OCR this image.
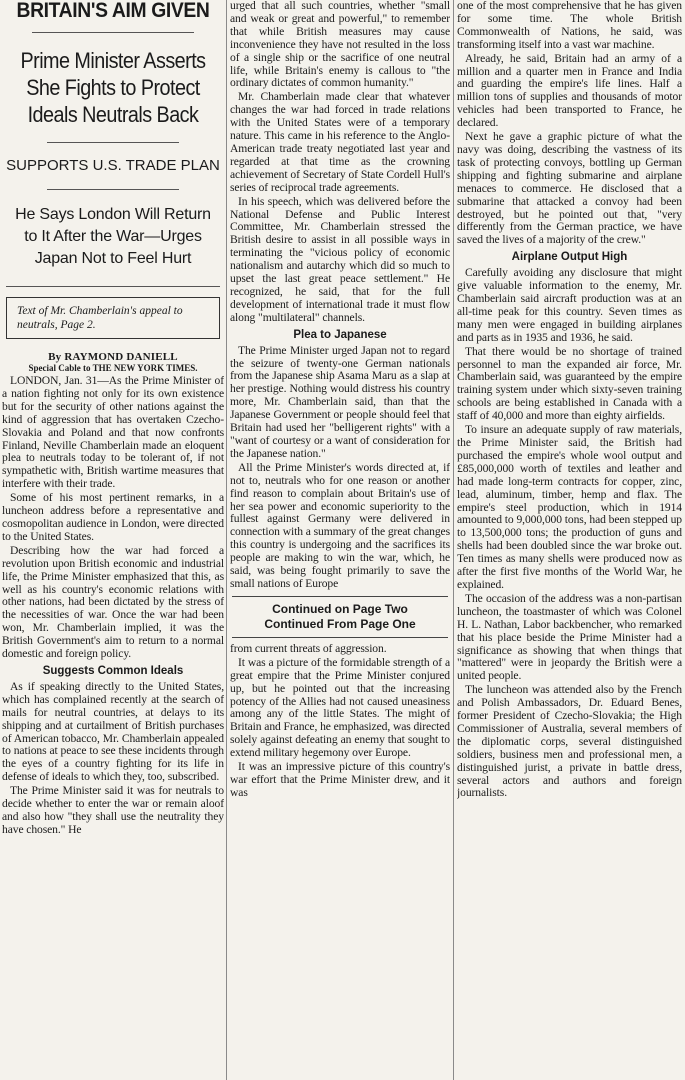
BRITAIN'S AIM GIVEN
Prime Minister Asserts She Fights to Protect Ideals Neutrals Back
SUPPORTS U.S. TRADE PLAN
He Says London Will Return to It After the War—Urges Japan Not to Feel Hurt
Text of Mr. Chamberlain's appeal to neutrals, Page 2.
By RAYMOND DANIELL
Special Cable to THE NEW YORK TIMES.

LONDON, Jan. 31—As the Prime Minister of a nation fighting not only for its own existence but for the security of other nations against the kind of aggression that has overtaken Czecho-Slovakia and Poland and that now confronts Finland, Neville Chamberlain made an eloquent plea to neutrals today to be tolerant of, if not sympathetic with, British wartime measures that interfere with their trade.

Some of his most pertinent remarks, in a luncheon address before a representative and cosmopolitan audience in London, were directed to the United States.

Describing how the war had forced a revolution upon British economic and industrial life, the Prime Minister emphasized that this, as well as his country's economic relations with other nations, had been dictated by the stress of the necessities of war. Once the war had been won, Mr. Chamberlain implied, it was the British Government's aim to return to a normal domestic and foreign policy.

Suggests Common Ideals

As if speaking directly to the United States, which has complained recently at the search of mails for neutral countries, at delays to its shipping and at curtailment of British purchases of American tobacco, Mr. Chamberlain appealed to nations at peace to see these incidents through the eyes of a country fighting for its life in defense of ideals to which they, too, subscribed.

The Prime Minister said it was for neutrals to decide whether to enter the war or remain aloof and also how "they shall use the neutrality they have chosen." He

urged that all such countries, whether "small and weak or great and powerful," to remember that while British measures may cause inconvenience they have not resulted in the loss of a single ship or the sacrifice of one neutral life, while Britain's enemy is callous to "the ordinary dictates of common humanity."

Mr. Chamberlain made clear that whatever changes the war had forced in trade relations with the United States were of a temporary nature. This came in his reference to the Anglo-American trade treaty negotiated last year and regarded at that time as the crowning achievement of Secretary of State Cordell Hull's series of reciprocal trade agreements.

In his speech, which was delivered before the National Defense and Public Interest Committee, Mr. Chamberlain stressed the British desire to assist in all possible ways in terminating the "vicious policy of economic nationalism and autarchy which did so much to upset the last great peace settlement." He recognized, he said, that for the full development of international trade it must flow along "multilateral" channels.

Plea to Japanese

The Prime Minister urged Japan not to regard the seizure of twenty-one German nationals from the Japanese ship Asama Maru as a slap at her prestige. Nothing would distress his country more, Mr. Chamberlain said, than that the Japanese Government or people should feel that Britain had used her "belligerent rights" with a "want of courtesy or a want of consideration for the Japanese nation."

All the Prime Minister's words directed at, if not to, neutrals who for one reason or another find reason to complain about Britain's use of her sea power and economic superiority to the fullest against Germany were delivered in connection with a summary of the great changes this country is undergoing and the sacrifices its people are making to win the war, which, he said, was being fought primarily to save the small nations of Europe

Continued on Page Two
Continued From Page One

from current threats of aggression.

It was a picture of the formidable strength of a great empire that the Prime Minister conjured up, but he pointed out that the increasing potency of the Allies had not caused uneasiness among any of the little States. The might of Britain and France, he emphasized, was directed solely against defeating an enemy that sought to extend military hegemony over Europe.

It was an impressive picture of this country's war effort that the Prime Minister drew, and it was

one of the most comprehensive that he has given for some time. The whole British Commonwealth of Nations, he said, was transforming itself into a vast war machine.

Already, he said, Britain had an army of a million and a quarter men in France and India and guarding the empire's life lines. Half a million tons of supplies and thousands of motor vehicles had been transported to France, he declared.

Next he gave a graphic picture of what the navy was doing, describing the vastness of its task of protecting convoys, bottling up German shipping and fighting submarine and airplane menaces to commerce. He disclosed that a submarine that attacked a convoy had been destroyed, but he pointed out that, "very differently from the German practice, we have saved the lives of a majority of the crew."

Airplane Output High

Carefully avoiding any disclosure that might give valuable information to the enemy, Mr. Chamberlain said aircraft production was at an all-time peak for this country. Seven times as many men were engaged in building airplanes and parts as in 1935 and 1936, he said.

That there would be no shortage of trained personnel to man the expanded air force, Mr. Chamberlain said, was guaranteed by the empire training system under which sixty-seven training schools are being established in Canada with a staff of 40,000 and more than eighty airfields.

To insure an adequate supply of raw materials, the Prime Minister said, the British had purchased the empire's whole wool output and £85,000,000 worth of textiles and leather and had made long-term contracts for copper, zinc, lead, aluminum, timber, hemp and flax. The empire's steel production, which in 1914 amounted to 9,000,000 tons, had been stepped up to 13,500,000 tons; the production of guns and shells had been doubled since the war broke out. Ten times as many shells were produced now as after the first five months of the World War, he explained.

The occasion of the address was a non-partisan luncheon, the toastmaster of which was Colonel H. L. Nathan, Labor backbencher, who remarked that his place beside the Prime Minister had a significance as showing that when things that "mattered" were in jeopardy the British were a united people.

The luncheon was attended also by the French and Polish Ambassadors, Dr. Eduard Benes, former President of Czecho-Slovakia; the High Commissioner of Australia, several members of the diplomatic corps, several distinguished soldiers, business men and professional men, a distinguished jurist, a private in battle dress, several actors and authors and foreign journalists.
